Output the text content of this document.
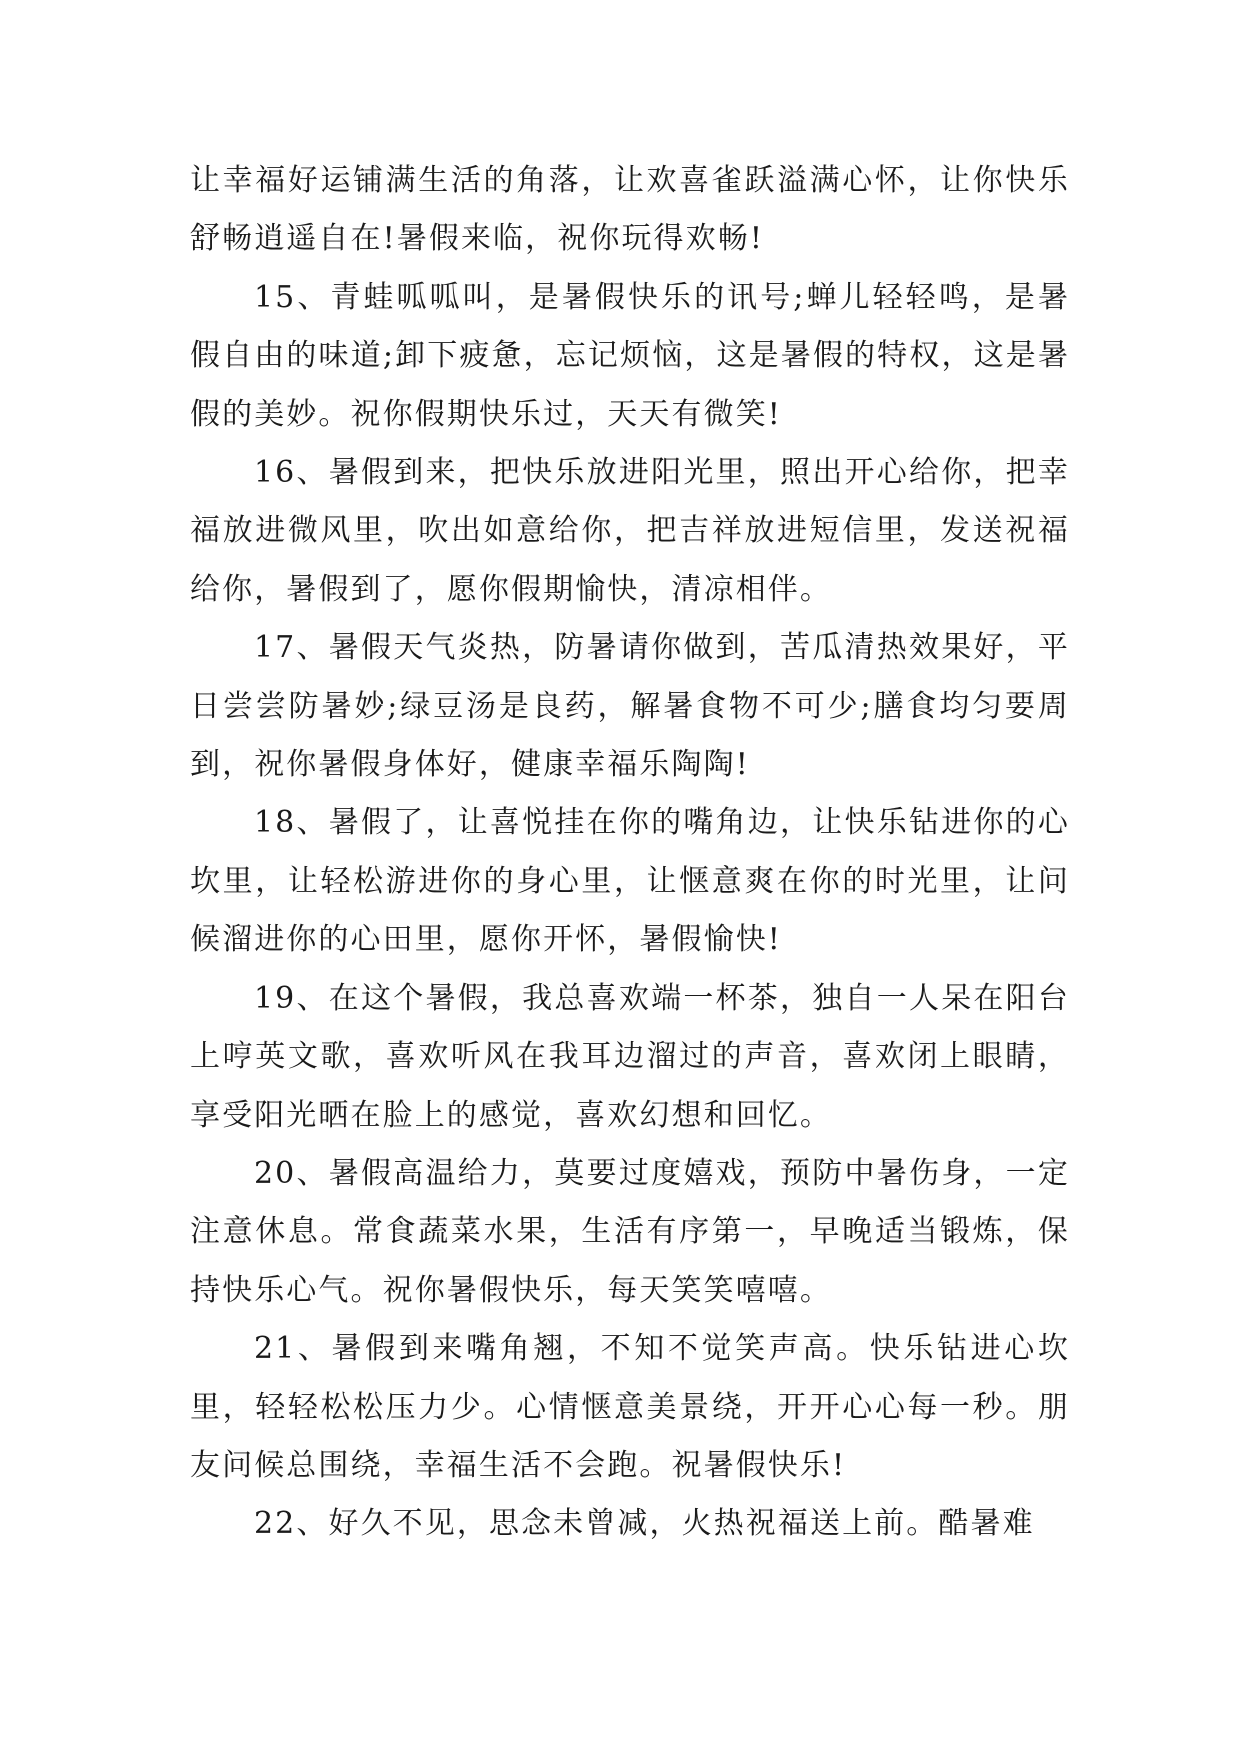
让幸福好运铺满生活的角落，让欢喜雀跃溢满心怀，让你快乐舒畅逍遥自在!暑假来临，祝你玩得欢畅!

15、青蛙呱呱叫，是暑假快乐的讯号;蝉儿轻轻鸣，是暑假自由的味道;卸下疲惫，忘记烦恼，这是暑假的特权，这是暑假的美妙。祝你假期快乐过，天天有微笑!

16、暑假到来，把快乐放进阳光里，照出开心给你，把幸福放进微风里，吹出如意给你，把吉祥放进短信里，发送祝福给你，暑假到了，愿你假期愉快，清凉相伴。

17、暑假天气炎热，防暑请你做到，苦瓜清热效果好，平日尝尝防暑妙;绿豆汤是良药，解暑食物不可少;膳食均匀要周到，祝你暑假身体好，健康幸福乐陶陶!

18、暑假了，让喜悦挂在你的嘴角边，让快乐钻进你的心坎里，让轻松游进你的身心里，让惬意爽在你的时光里，让问候溜进你的心田里，愿你开怀，暑假愉快!

19、在这个暑假，我总喜欢端一杯茶，独自一人呆在阳台上哼英文歌，喜欢听风在我耳边溜过的声音，喜欢闭上眼睛，享受阳光晒在脸上的感觉，喜欢幻想和回忆。

20、暑假高温给力，莫要过度嬉戏，预防中暑伤身，一定注意休息。常食蔬菜水果，生活有序第一，早晚适当锻炼，保持快乐心气。祝你暑假快乐，每天笑笑嘻嘻。

21、暑假到来嘴角翘，不知不觉笑声高。快乐钻进心坎里，轻轻松松压力少。心情惬意美景绕，开开心心每一秒。朋友问候总围绕，幸福生活不会跑。祝暑假快乐!

22、好久不见，思念未曾减，火热祝福送上前。酷暑难
